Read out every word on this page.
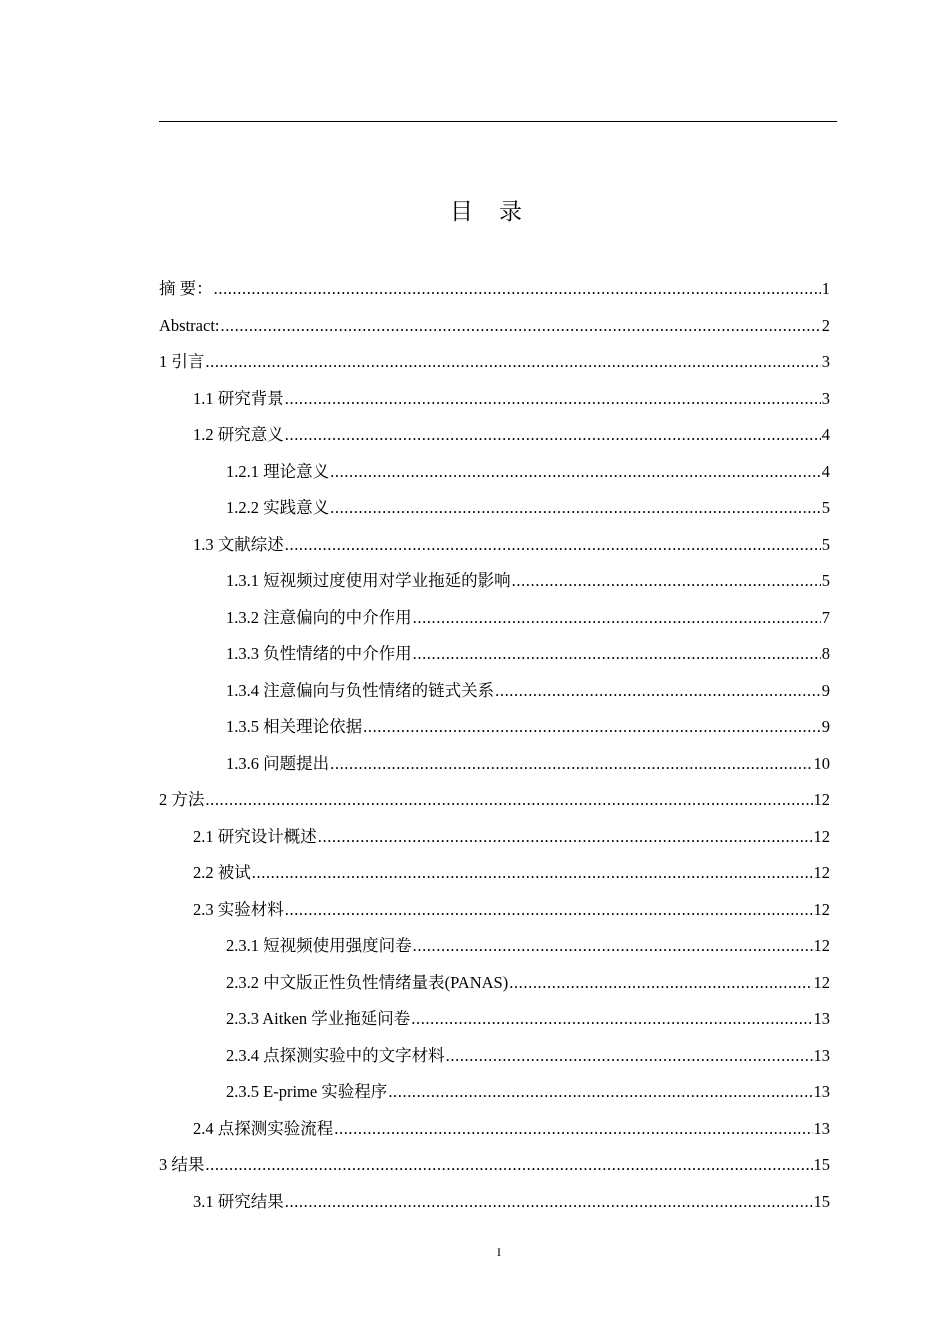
目录
摘 要： .....	1
Abstract: .....	2
1 引言 .....	3
1.1 研究背景 .....	3
1.2 研究意义 .....	4
1.2.1 理论意义 .....	4
1.2.2 实践意义 .....	5
1.3 文献综述 .....	5
1.3.1 短视频过度使用对学业拖延的影响 .....	5
1.3.2 注意偏向的中介作用 .....	7
1.3.3 负性情绪的中介作用 .....	8
1.3.4 注意偏向与负性情绪的链式关系 .....	9
1.3.5 相关理论依据 .....	9
1.3.6 问题提出 .....	10
2 方法 .....	12
2.1 研究设计概述 .....	12
2.2 被试 .....	12
2.3 实验材料 .....	12
2.3.1 短视频使用强度问卷 .....	12
2.3.2 中文版正性负性情绪量表(PANAS) .....	12
2.3.3 Aitken 学业拖延问卷 .....	13
2.3.4 点探测实验中的文字材料 .....	13
2.3.5 E-prime 实验程序 .....	13
2.4 点探测实验流程 .....	13
3 结果 .....	15
3.1 研究结果 .....	15
I
